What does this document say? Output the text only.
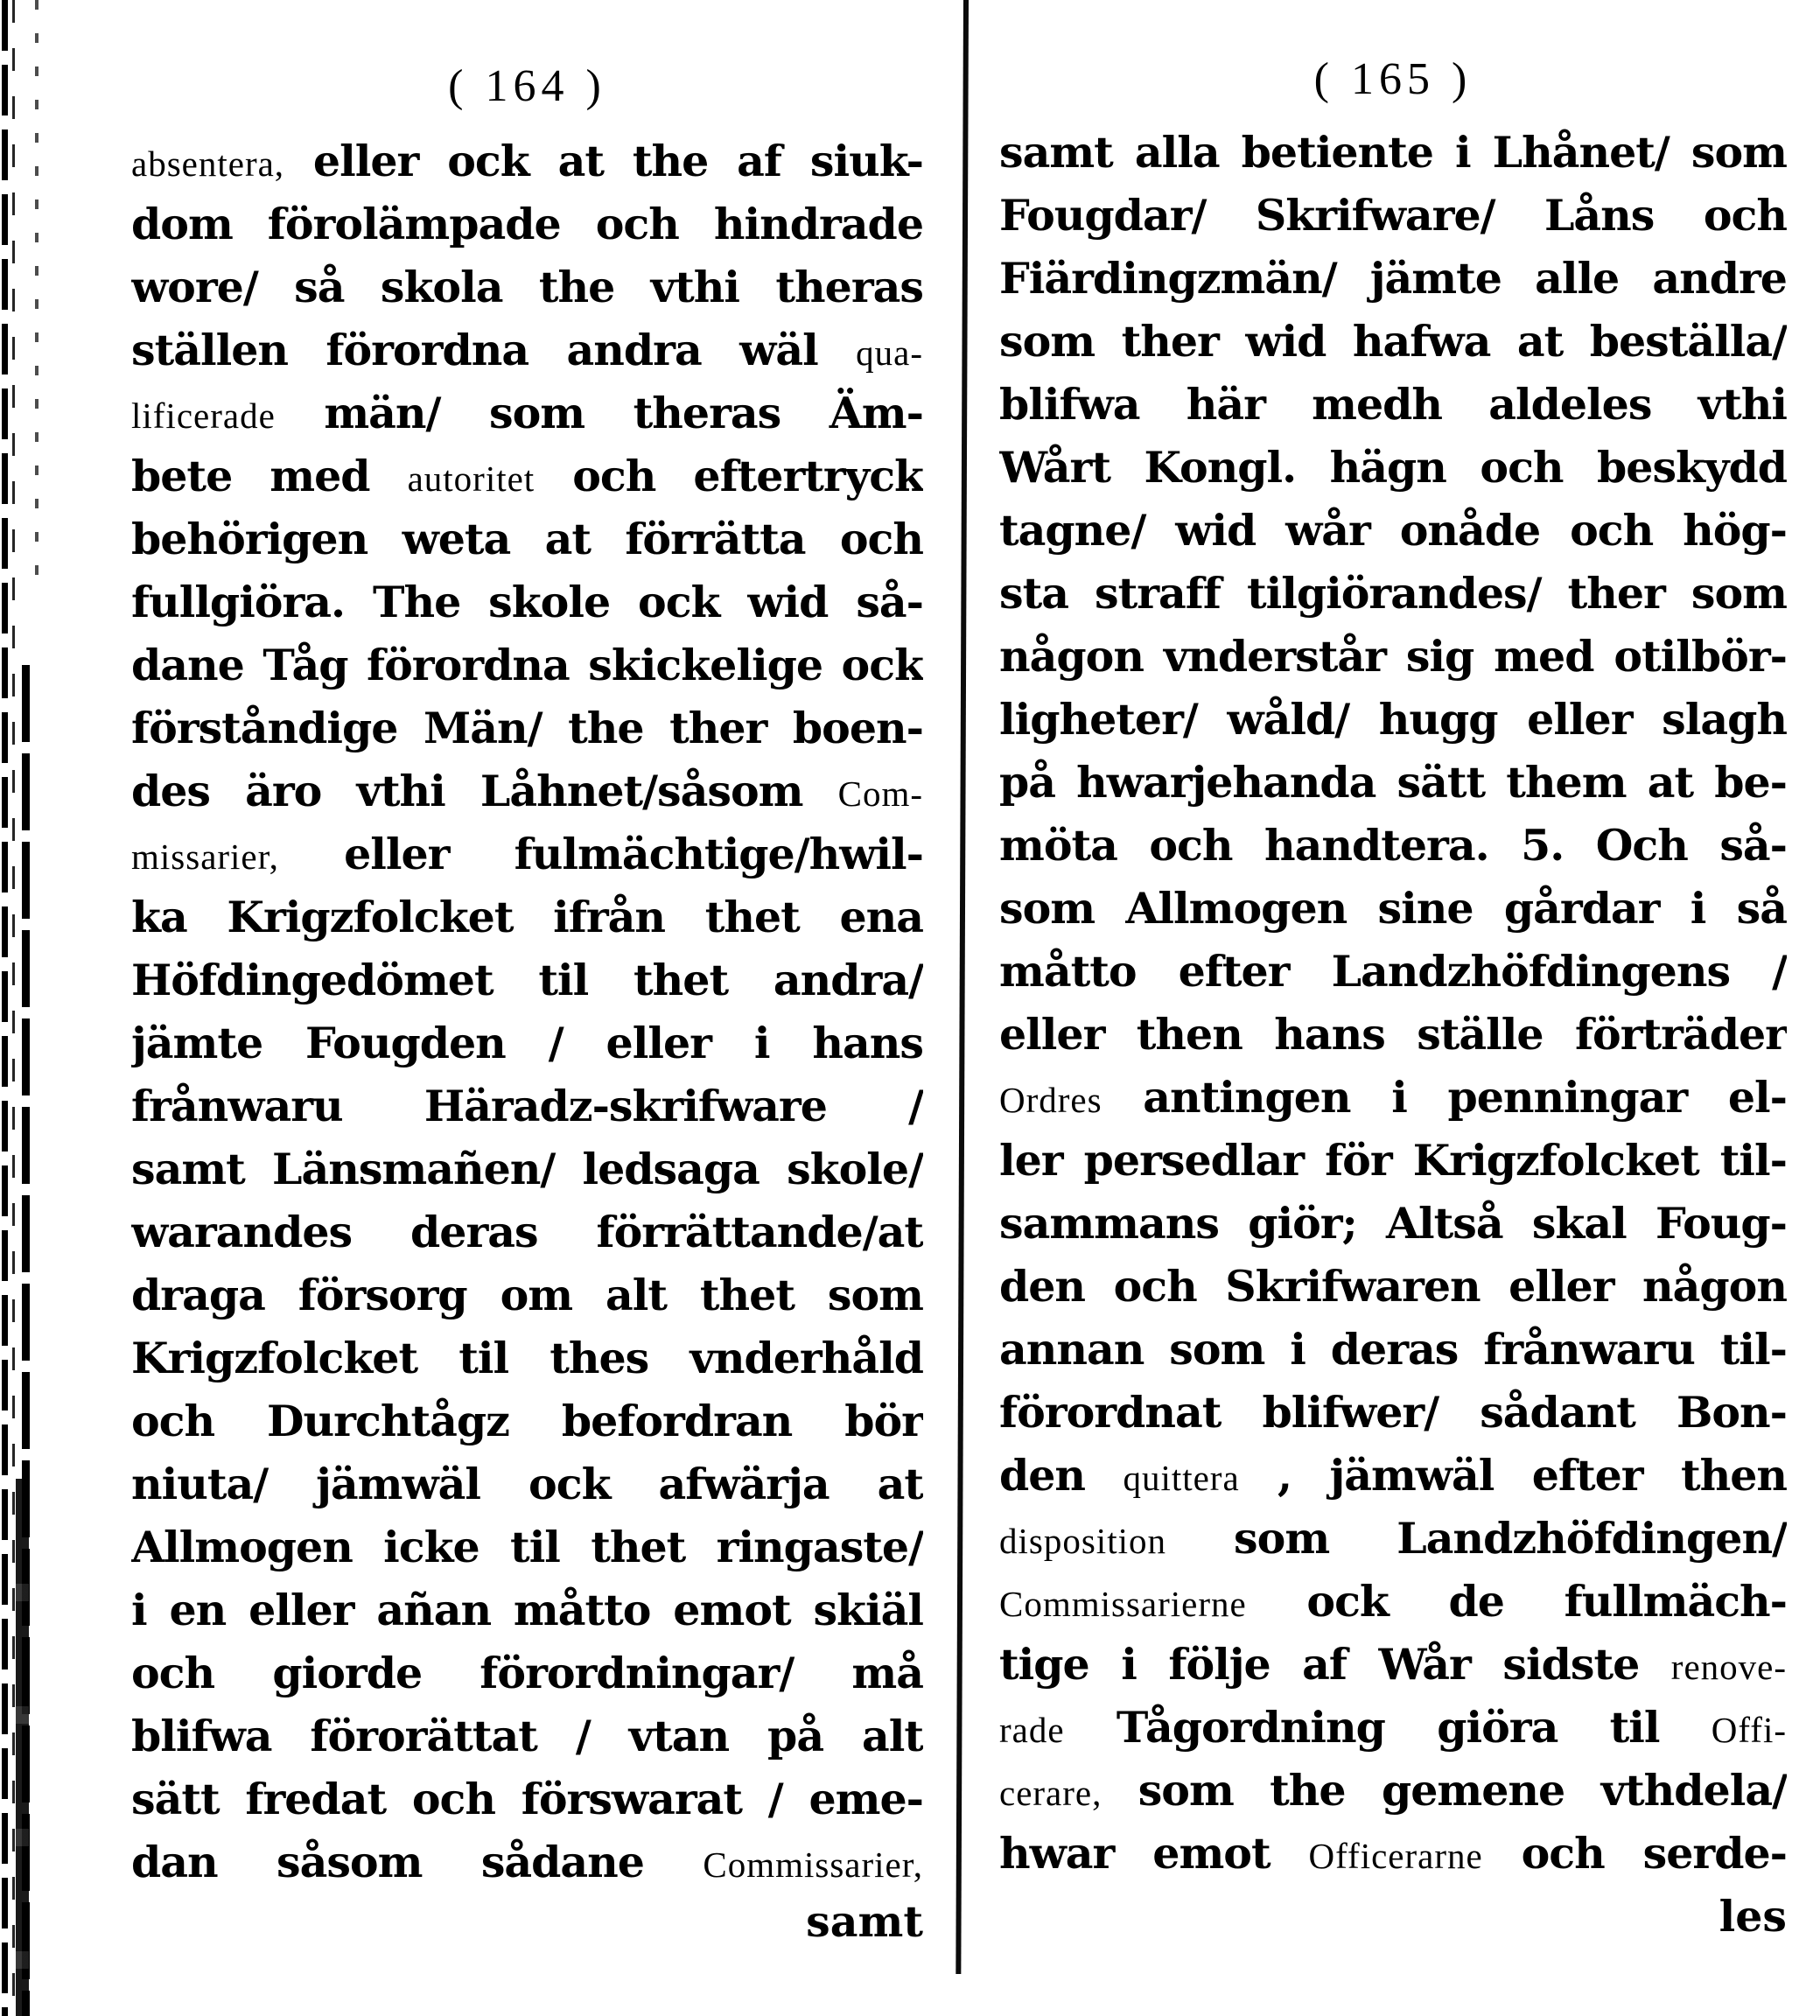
( 164 )
absentera, eller ock at the af siuk-
dom förolämpade och hindrade
wore/ så skola the vthi theras
ställen förordna andra wäl qua-
lificerade män/ som theras Äm-
bete med autoritet och eftertryck
behörigen weta at förrätta och
fullgiöra. The skole ock wid så-
dane Tåg förordna skickelige ock
förståndige Män/ the ther boen-
des äro vthi Låhnet/såsom Com-
missarier, eller fulmächtige/hwil-
ka Krigzfolcket ifrån thet ena
Höfdingedömet til thet andra/
jämte Fougden / eller i hans
frånwaru Häradz-skrifware /
samt Länsmañen/ ledsaga skole/
warandes deras förrättande/at
draga försorg om alt thet som
Krigzfolcket til thes vnderhåld
och Durchtågz befordran bör
niuta/ jämwäl ock afwärja at
Allmogen icke til thet ringaste/
i en eller añan måtto emot skiäl
och giorde förordningar/ må
blifwa förorättat / vtan på alt
sätt fredat och förswarat / eme-
dan såsom sådane Commissarier,
samt
( 165 )
samt alla betiente i Lhånet/ som
Fougdar/ Skrifware/ Låns och
Fiärdingzmän/ jämte alle andre
som ther wid hafwa at beställa/
blifwa här medh aldeles vthi
Wårt Kongl. hägn och beskydd
tagne/ wid wår onåde och hög-
sta straff tilgiörandes/ ther som
någon vnderstår sig med otilbör-
ligheter/ wåld/ hugg eller slagh
på hwarjehanda sätt them at be-
möta och handtera. 5. Och så-
som Allmogen sine gårdar i så
måtto efter Landzhöfdingens /
eller then hans ställe förträder
Ordres antingen i penningar el-
ler persedlar för Krigzfolcket til-
sammans giör; Altså skal Foug-
den och Skrifwaren eller någon
annan som i deras frånwaru til-
förordnat blifwer/ sådant Bon-
den quittera , jämwäl efter then
disposition som Landzhöfdingen/
Commissarierne ock de fullmäch-
tige i följe af Wår sidste renove-
rade Tågordning giöra til Offi-
cerare, som the gemene vthdela/
hwar emot Officerarne och serde-
les
